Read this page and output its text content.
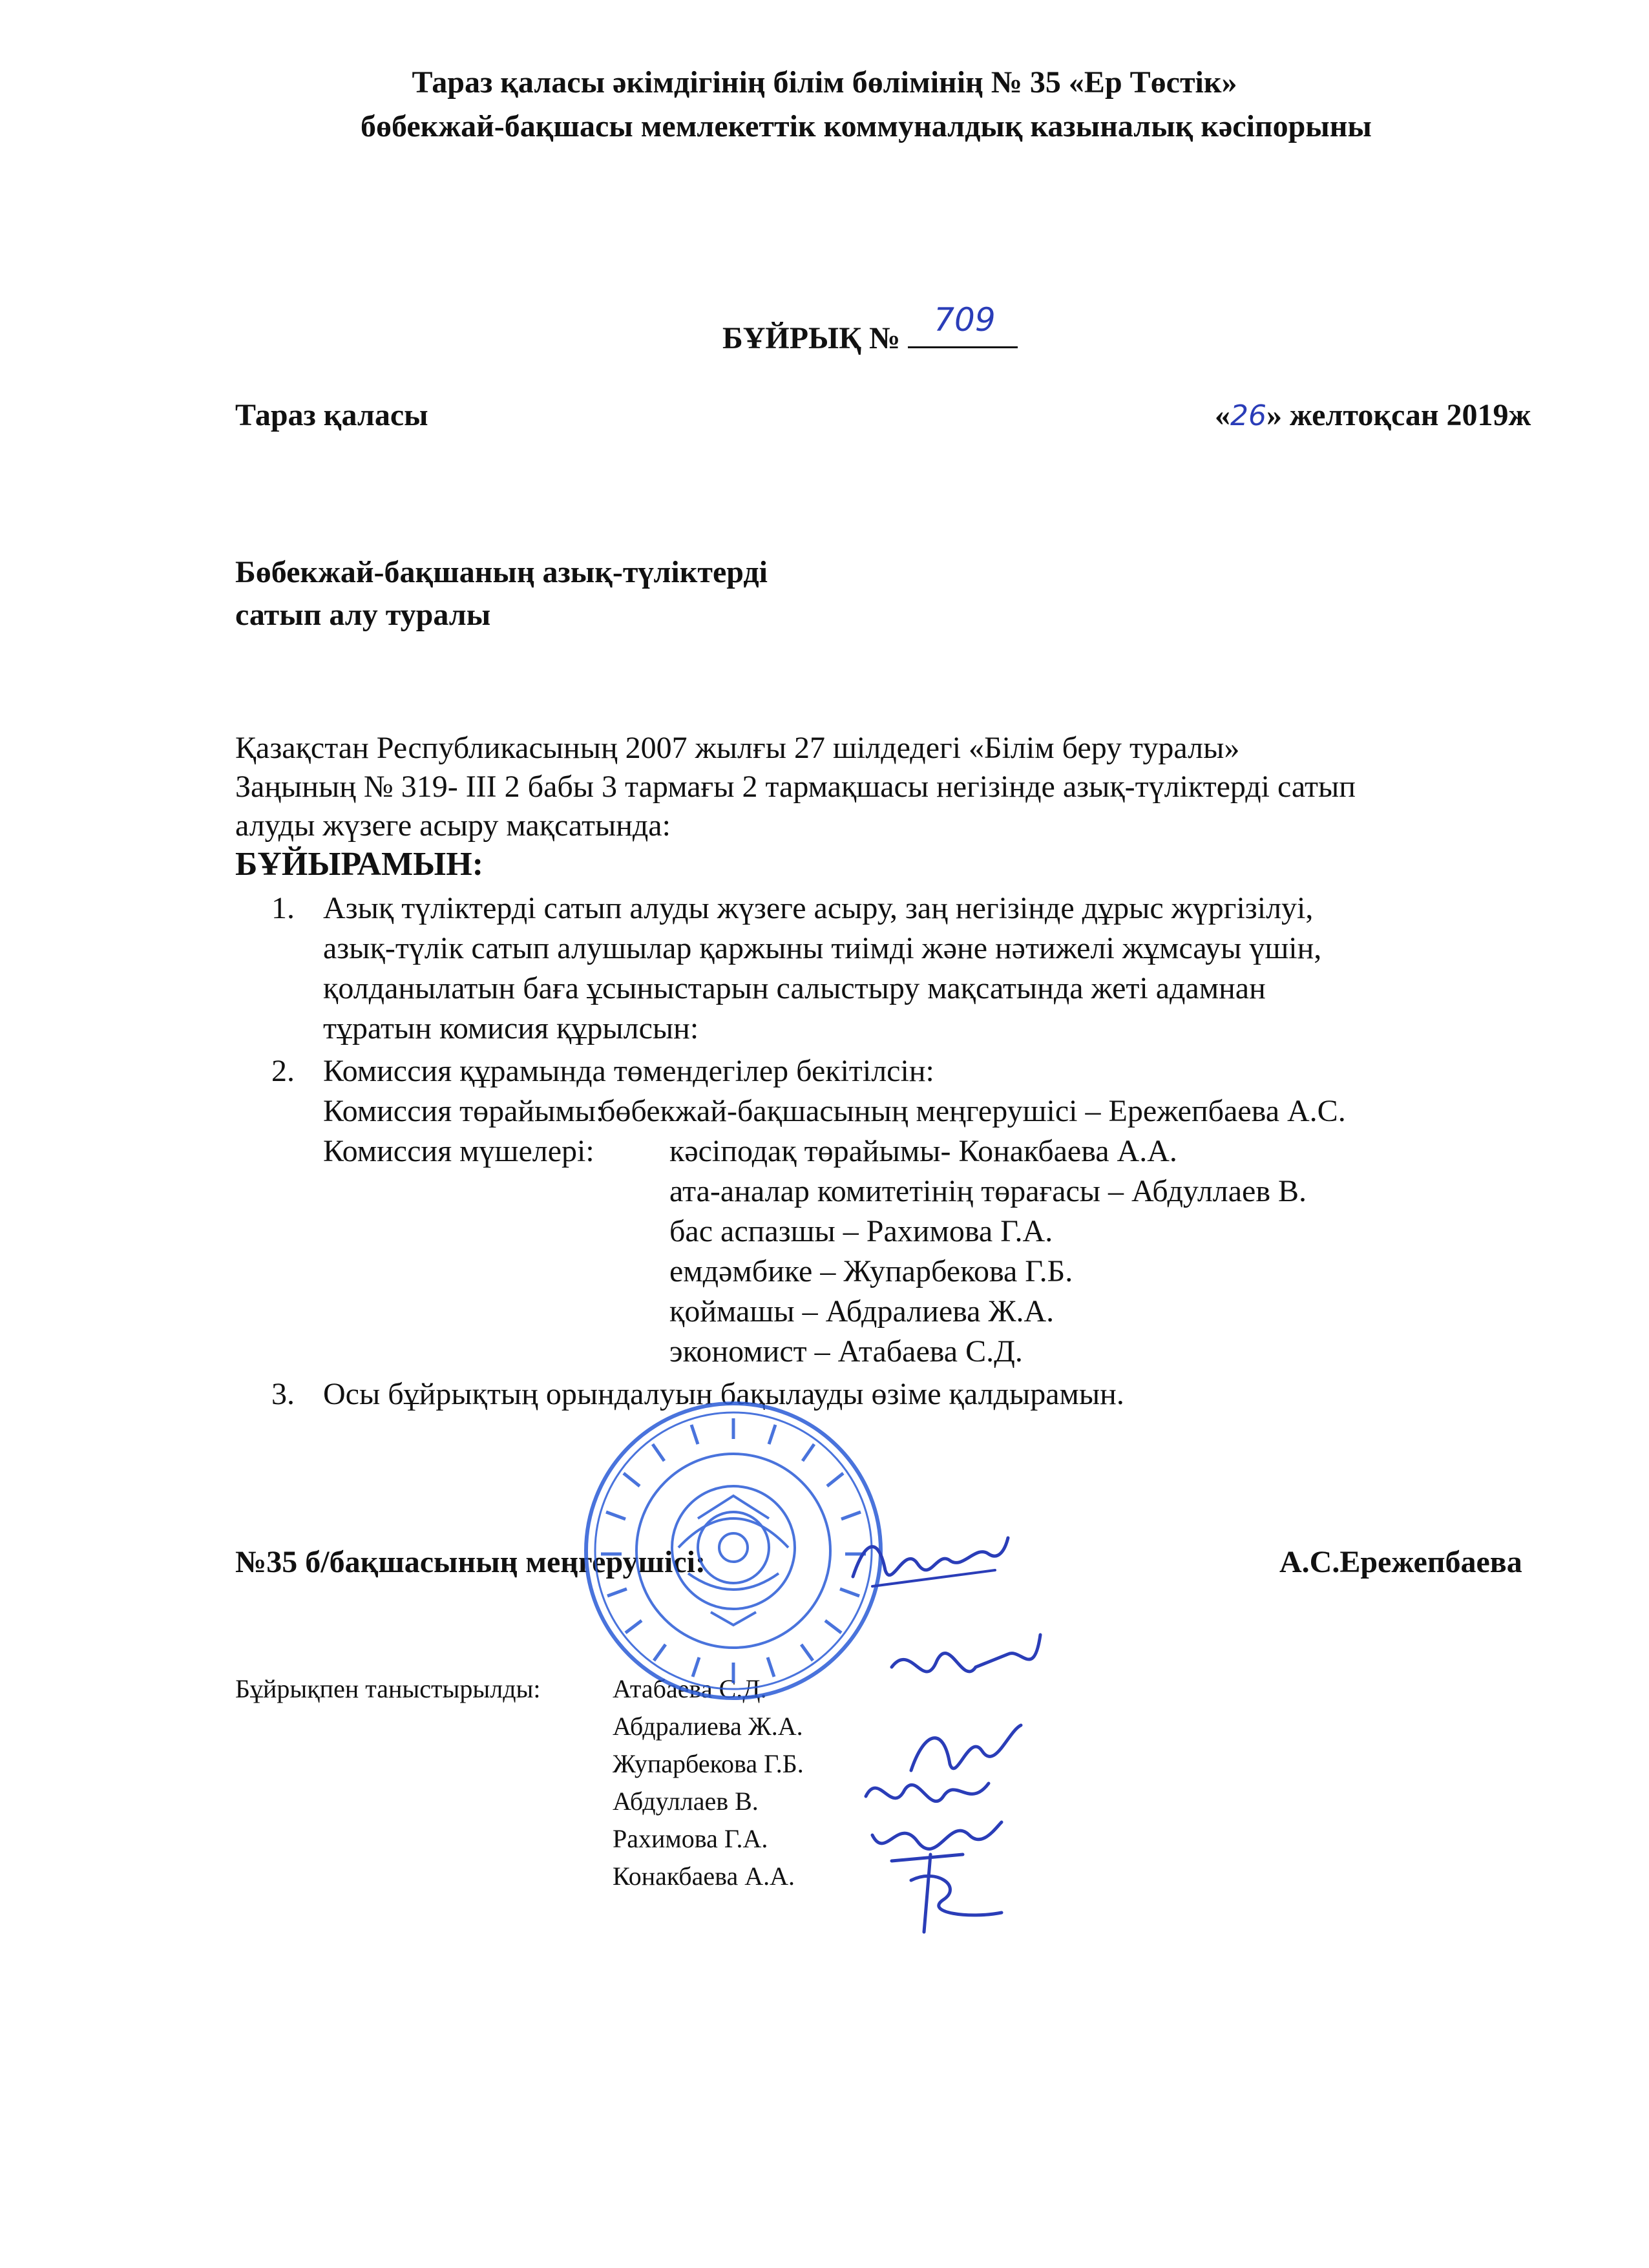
Тараз қаласы әкімдігінің білім бөлімінің № 35 «Ер Төстік»
бөбекжай-бақшасы мемлекеттік коммуналдық казыналық кәсіпорыны
БҰЙРЫҚ № 709
Тараз қаласы	«26» желтоқсан 2019ж
Бөбекжай-бақшаның азық-түліктерді
сатып алу туралы
Қазақстан Республикасының 2007 жылғы 27 шілдедегі «Білім беру туралы»
Заңының № 319- ІІІ 2 бабы 3 тармағы 2 тармақшасы негізінде азық-түліктерді сатып
алуды жүзеге асыру мақсатында:
БҰЙЫРАМЫН:
1. Азық түліктерді сатып алуды жүзеге асыру, заң негізінде дұрыс жүргізілуі,
азық-түлік сатып алушылар қаржыны тиімді және нәтижелі жұмсауы үшін,
қолданылатын баға ұсыныстарын салыстыру мақсатында жеті адамнан
тұратын комисия құрылсын:
2. Комиссия құрамында төмендегілер бекітілсін:
Комиссия төрайымы:
бөбекжай-бақшасының меңгерушісі – Ережепбаева А.С.
Комиссия мүшелері: кәсіподақ төрайымы- Конакбаева А.А.
ата-аналар комитетінің төрағасы – Абдуллаев В.
бас аспазшы – Рахимова Г.А.
емдәмбике – Жупарбекова Г.Б.
қоймашы – Абдралиева Ж.А.
экономист – Атабаева С.Д.
3. Осы бұйрықтың орындалуын бақылауды өзіме қалдырамын.
№35 б/бақшасының меңгерушісі:	А.С.Ережепбаева
Бұйрықпен таныстырылды:	Атабаева С.Д.
Абдралиева Ж.А.
Жупарбекова Г.Б.
Абдуллаев В.
Рахимова Г.А.
Конакбаева А.А.
